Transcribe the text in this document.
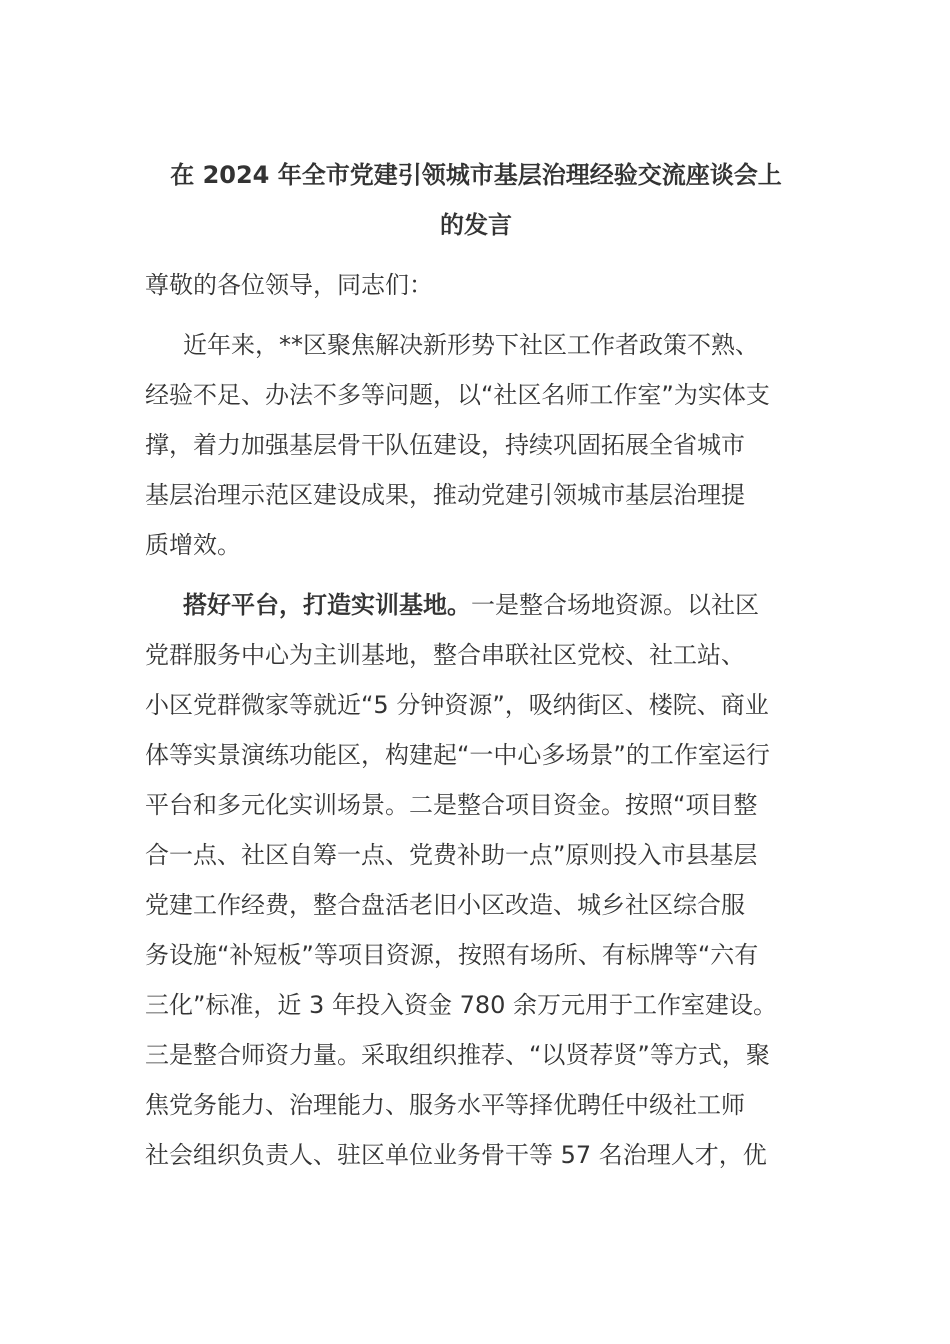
在 2024 年全市党建引领城市基层治理经验交流座谈会上
的发言

尊敬的各位领导，同志们：

近年来，**区聚焦解决新形势下社区工作者政策不熟、
经验不足、办法不多等问题，以“社区名师工作室”为实体支
撑，着力加强基层骨干队伍建设，持续巩固拓展全省城市
基层治理示范区建设成果，推动党建引领城市基层治理提
质增效。
搭好平台，打造实训基地。一是整合场地资源。以社区
党群服务中心为主训基地，整合串联社区党校、社工站、
小区党群微家等就近“5 分钟资源”，吸纳街区、楼院、商业
体等实景演练功能区，构建起“一中心多场景”的工作室运行
平台和多元化实训场景。二是整合项目资金。按照“项目整
合一点、社区自筹一点、党费补助一点”原则投入市县基层
党建工作经费，整合盘活老旧小区改造、城乡社区综合服
务设施“补短板”等项目资源，按照有场所、有标牌等“六有
三化”标准，近 3 年投入资金 780 余万元用于工作室建设。
三是整合师资力量。采取组织推荐、“以贤荐贤”等方式，聚
焦党务能力、治理能力、服务水平等择优聘任中级社工师
社会组织负责人、驻区单位业务骨干等 57 名治理人才，优
